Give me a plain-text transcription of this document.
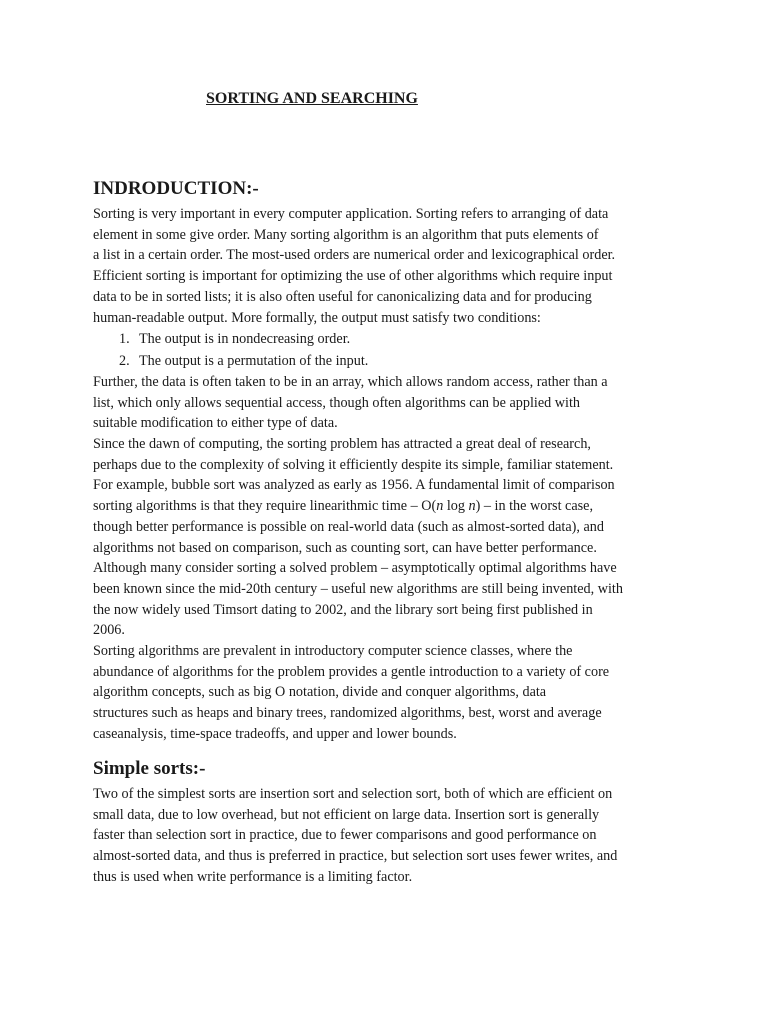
SORTING AND SEARCHING
INDRODUCTION:-

Sorting is very important in every computer application. Sorting refers to arranging of data

element in some give order. Many sorting algorithm is an algorithm that puts elements of

a list in a certain order. The most-used orders are numerical order and lexicographical order.

Efficient sorting is important for optimizing the use of other algorithms which require input

data to be in sorted lists; it is also often useful for canonicalizing data and for producing

human-readable output. More formally, the output must satisfy two conditions:

1. The output is in nondecreasing order.

2. The output is a permutation of the input.

Further, the data is often taken to be in an array, which allows random access, rather than a

list, which only allows sequential access, though often algorithms can be applied with

suitable modification to either type of data.

Since the dawn of computing, the sorting problem has attracted a great deal of research,

perhaps due to the complexity of solving it efficiently despite its simple, familiar statement.

For example, bubble sort was analyzed as early as 1956. A fundamental limit of comparison

sorting algorithms is that they require linearithmic time – O(n log n) – in the worst case,

though better performance is possible on real-world data (such as almost-sorted data), and

algorithms not based on comparison, such as counting sort, can have better performance.

Although many consider sorting a solved problem – asymptotically optimal algorithms have

been known since the mid-20th century – useful new algorithms are still being invented, with

the now widely used Timsort dating to 2002, and the library sort being first published in

2006.

Sorting algorithms are prevalent in introductory computer science classes, where the

abundance of algorithms for the problem provides a gentle introduction to a variety of core

algorithm concepts, such as big O notation, divide and conquer algorithms, data

structures such as heaps and binary trees, randomized algorithms, best, worst and average

caseanalysis, time-space tradeoffs, and upper and lower bounds.

Simple sorts:-

Two of the simplest sorts are insertion sort and selection sort, both of which are efficient on

small data, due to low overhead, but not efficient on large data. Insertion sort is generally

faster than selection sort in practice, due to fewer comparisons and good performance on

almost-sorted data, and thus is preferred in practice, but selection sort uses fewer writes, and

thus is used when write performance is a limiting factor.
